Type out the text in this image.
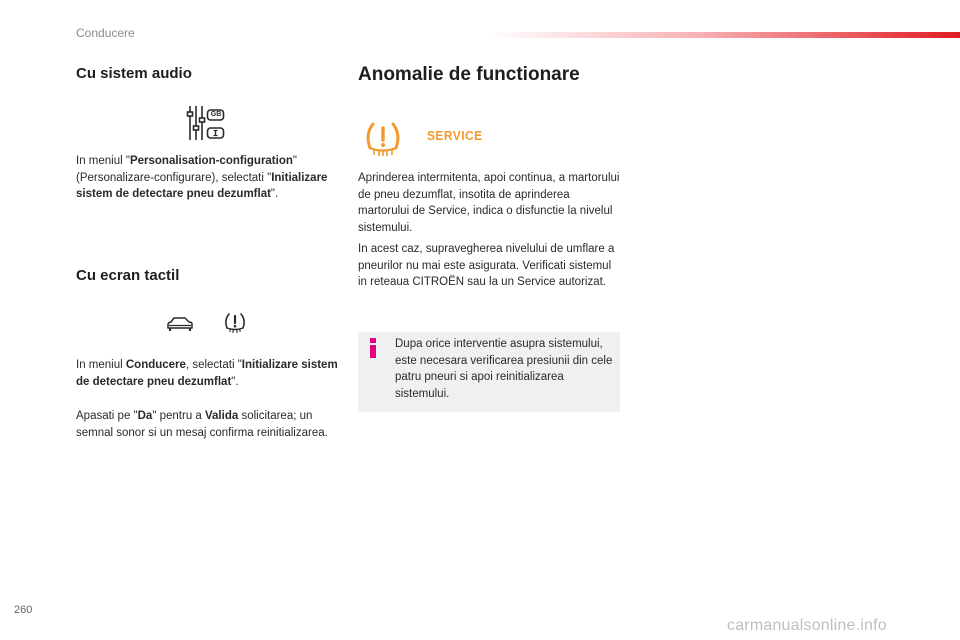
Conducere
Cu sistem audio
GB

In meniul "Personalisation-configuration" (Personalizare-configurare), selectati "Initializare sistem de detectare pneu dezumflat".

Cu ecran tactil

In meniul Conducere, selectati "Initializare sistem de detectare pneu dezumflat".

Apasati pe "Da" pentru a Valida solicitarea; un semnal sonor si un mesaj confirma reinitializarea.

Anomalie de functionare
SERVICE

Aprinderea intermitenta, apoi continua, a martorului de pneu dezumflat, insotita de aprinderea martorului de Service, indica o disfunctie la nivelul sistemului.

In acest caz, supravegherea nivelului de umflare a pneurilor nu mai este asigurata. Verificati sistemul in reteaua CITROËN sau la un Service autorizat.

Dupa orice interventie asupra sistemului, este necesara verificarea presiunii din cele patru pneuri si apoi reinitializarea sistemului.

260
carmanualsonline.info
